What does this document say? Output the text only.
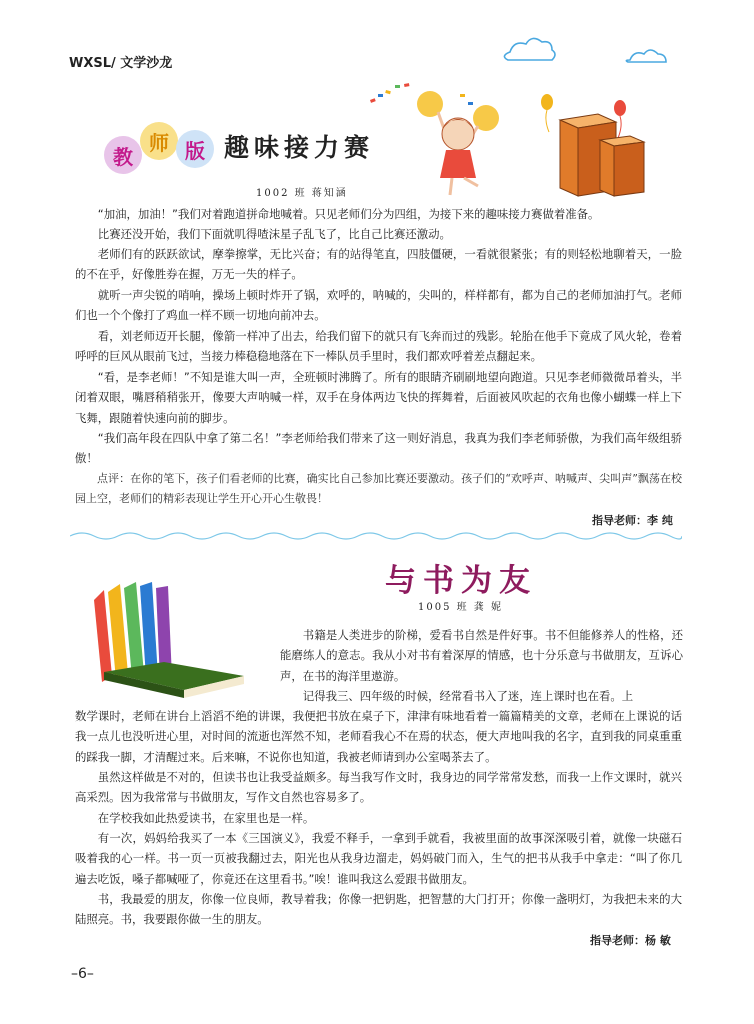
WXSL/ 文学沙龙
教
师 版 趣味接力赛
1002 班 蒋知涵

“加油，加油！”我们对着跑道拼命地喊着。只见老师们分为四组，为接下来的趣味接力赛做着准备。

比赛还没开始，我们下面就叽得喳沫星子乱飞了，比自己比赛还激动。

老师们有的跃跃欲试，摩拳擦掌，无比兴奋；有的站得笔直，四肢僵硬，一看就很紧张；有的则轻松地聊着天，一脸的不在乎，好像胜券在握，万无一失的样子。

就听一声尖锐的哨响，操场上顿时炸开了锅，欢呼的，呐喊的，尖叫的，样样都有，都为自己的老师加油打气。老师们也一个个像打了鸡血一样不顾一切地向前冲去。

看，刘老师迈开长腿，像箭一样冲了出去，给我们留下的就只有飞奔而过的残影。轮胎在他手下竟成了风火轮，卷着呼呼的巨风从眼前飞过，当接力棒稳稳地落在下一棒队员手里时，我们都欢呼着差点翻起来。

“看，是李老师！”不知是谁大叫一声，全班顿时沸腾了。所有的眼睛齐刷刷地望向跑道。只见李老师微微昂着头，半闭着双眼，嘴唇稍稍张开，像要大声呐喊一样，双手在身体两边飞快的挥舞着，后面被风吹起的衣角也像小蝴蝶一样上下飞舞，跟随着快速向前的脚步。

“我们高年段在四队中拿了第二名！”李老师给我们带来了这一则好消息，我真为我们李老师骄傲，为我们高年级组骄傲！

点评：在你的笔下，孩子们看老师的比赛，确实比自己参加比赛还要激动。孩子们的“欢呼声、呐喊声、尖叫声”飘荡在校园上空，老师们的精彩表现让学生开心开心生敬畏！

指导老师：李 纯
与书为友
1005 班 龚 妮

书籍是人类进步的阶梯，爱看书自然是件好事。书不但能修养人的性格，还能磨练人的意志。我从小对书有着深厚的情感，也十分乐意与书做朋友，互诉心声，在书的海洋里遨游。

记得我三、四年级的时候，经常看书入了迷，连上课时也在看。上

数学课时，老师在讲台上滔滔不绝的讲课，我便把书放在桌子下，津津有味地看着一篇篇精美的文章，老师在上课说的话我一点儿也没听进心里，对时间的流逝也浑然不知，老师看我心不在焉的状态，便大声地叫我的名字，直到我的同桌重重的踩我一脚，才清醒过来。后来嘛，不说你也知道，我被老师请到办公室喝茶去了。

虽然这样做是不对的，但读书也让我受益颇多。每当我写作文时，我身边的同学常常发愁，而我一上作文课时，就兴高采烈。因为我常常与书做朋友，写作文自然也容易多了。

在学校我如此热爱读书，在家里也是一样。

有一次，妈妈给我买了一本《三国演义》，我爱不释手，一拿到手就看，我被里面的故事深深吸引着，就像一块磁石吸着我的心一样。书一页一页被我翻过去，阳光也从我身边溜走，妈妈破门而入，生气的把书从我手中拿走：“叫了你几遍去吃饭，嗓子都喊哑了，你竟还在这里看书。”唉！谁叫我这么爱跟书做朋友。

书，我最爱的朋友，你像一位良师，教导着我；你像一把钥匙，把智慧的大门打开；你像一盏明灯，为我把未来的大陆照亮。书，我要跟你做一生的朋友。

指导老师：杨 敏
–6–
